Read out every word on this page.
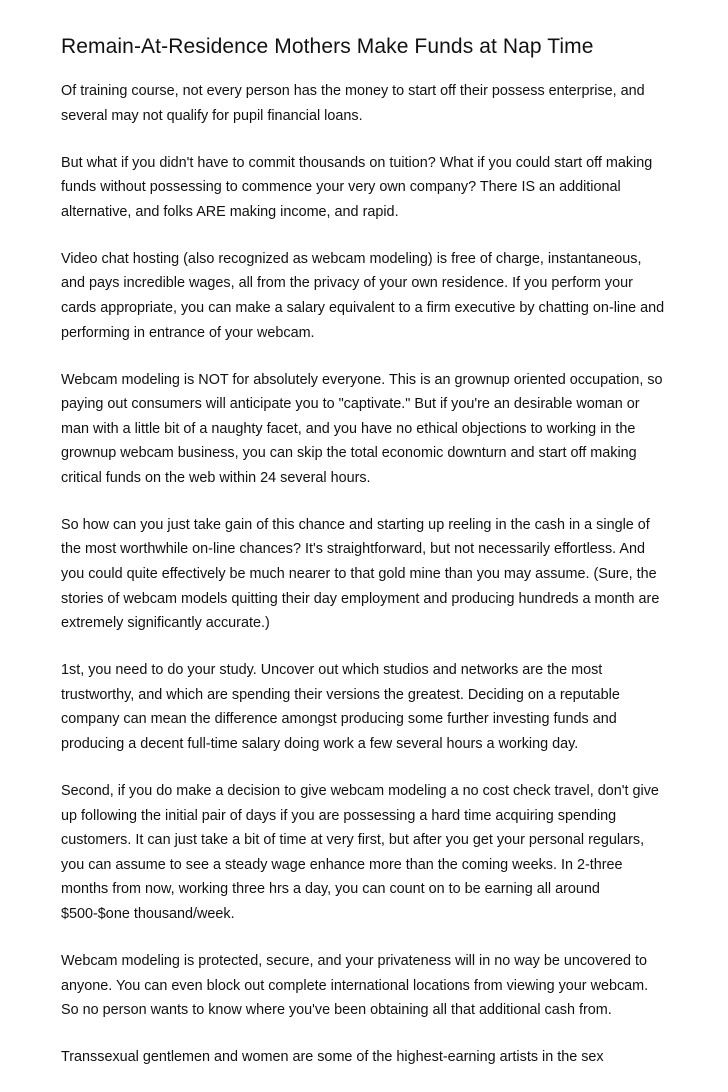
Remain-At-Residence Mothers Make Funds at Nap Time

Of training course, not every person has the money to start off their possess enterprise, and several may not qualify for pupil financial loans.

But what if you didn't have to commit thousands on tuition? What if you could start off making funds without possessing to commence your very own company? There IS an additional alternative, and folks ARE making income, and rapid.

Video chat hosting (also recognized as webcam modeling) is free of charge, instantaneous, and pays incredible wages, all from the privacy of your own residence. If you perform your cards appropriate, you can make a salary equivalent to a firm executive by chatting on-line and performing in entrance of your webcam.

Webcam modeling is NOT for absolutely everyone. This is an grownup oriented occupation, so paying out consumers will anticipate you to "captivate." But if you're an desirable woman or man with a little bit of a naughty facet, and you have no ethical objections to working in the grownup webcam business, you can skip the total economic downturn and start off making critical funds on the web within 24 several hours.

So how can you just take gain of this chance and starting up reeling in the cash in a single of the most worthwhile on-line chances? It's straightforward, but not necessarily effortless. And you could quite effectively be much nearer to that gold mine than you may assume. (Sure, the stories of webcam models quitting their day employment and producing hundreds a month are extremely significantly accurate.)

1st, you need to do your study. Uncover out which studios and networks are the most trustworthy, and which are spending their versions the greatest. Deciding on a reputable company can mean the difference amongst producing some further investing funds and producing a decent full-time salary doing work a few several hours a working day.

Second, if you do make a decision to give webcam modeling a no cost check travel, don't give up following the initial pair of days if you are possessing a hard time acquiring spending customers. It can just take a bit of time at very first, but after you get your personal regulars, you can assume to see a steady wage enhance more than the coming weeks. In 2-three months from now, working three hrs a day, you can count on to be earning all around $500-$one thousand/week.

Webcam modeling is protected, secure, and your privateness will in no way be uncovered to anyone. You can even block out complete international locations from viewing your webcam. So no person wants to know where you've been obtaining all that additional cash from.

Transsexual gentlemen and women are some of the highest-earning artists in the sex
